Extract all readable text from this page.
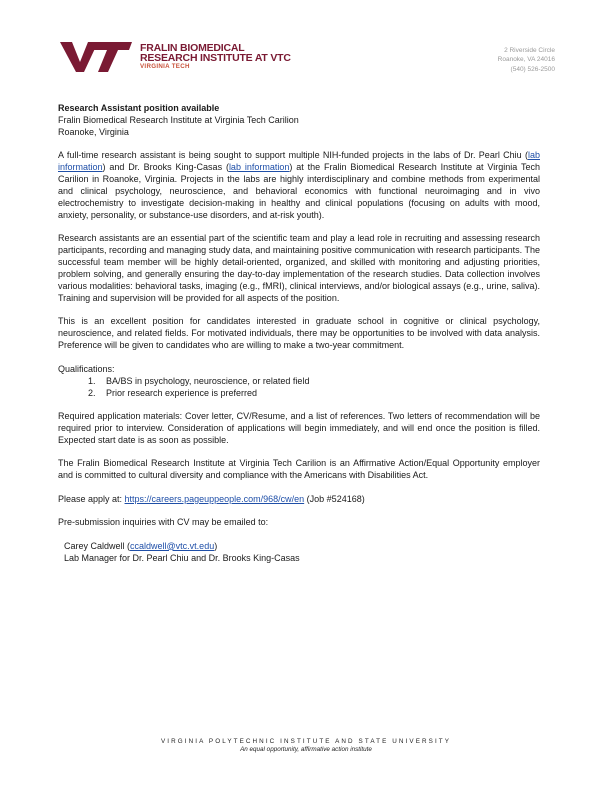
FRALIN BIOMEDICAL
RESEARCH INSTITUTE AT VTC
VIRGINIA TECH
2 Riverside Circle
Roanoke, VA 24016
(540) 526-2500

Research Assistant position available

Fralin Biomedical Research Institute at Virginia Tech Carilion

Roanoke, Virginia

A full-time research assistant is being sought to support multiple NIH-funded projects in the labs of Dr. Pearl Chiu (lab information) and Dr. Brooks King-Casas (lab information) at the Fralin Biomedical Research Institute at Virginia Tech Carilion in Roanoke, Virginia. Projects in the labs are highly interdisciplinary and combine methods from experimental and clinical psychology, neuroscience, and behavioral economics with functional neuroimaging and in vivo electrochemistry to investigate decision-making in healthy and clinical populations (focusing on adults with mood, anxiety, personality, or substance-use disorders, and at-risk youth).

Research assistants are an essential part of the scientific team and play a lead role in recruiting and assessing research participants, recording and managing study data, and maintaining positive communication with research participants. The successful team member will be highly detail-oriented, organized, and skilled with monitoring and adjusting priorities, problem solving, and generally ensuring the day-to-day implementation of the research studies. Data collection involves various modalities: behavioral tasks, imaging (e.g., fMRI), clinical interviews, and/or biological assays (e.g., urine, saliva). Training and supervision will be provided for all aspects of the position.

This is an excellent position for candidates interested in graduate school in cognitive or clinical psychology, neuroscience, and related fields. For motivated individuals, there may be opportunities to be involved with data analysis. Preference will be given to candidates who are willing to make a two-year commitment.

Qualifications:

1. BA/BS in psychology, neuroscience, or related field
2. Prior research experience is preferred

Required application materials: Cover letter, CV/Resume, and a list of references. Two letters of recommendation will be required prior to interview. Consideration of applications will begin immediately, and will end once the position is filled. Expected start date is as soon as possible.

The Fralin Biomedical Research Institute at Virginia Tech Carilion is an Affirmative Action/Equal Opportunity employer and is committed to cultural diversity and compliance with the Americans with Disabilities Act.

Please apply at: https://careers.pageuppeople.com/968/cw/en (Job #524168)

Pre-submission inquiries with CV may be emailed to:

Carey Caldwell (ccaldwell@vtc.vt.edu)

Lab Manager for Dr. Pearl Chiu and Dr. Brooks King-Casas

VIRGINIA POLYTECHNIC INSTITUTE AND STATE UNIVERSITY
An equal opportunity, affirmative action institute
